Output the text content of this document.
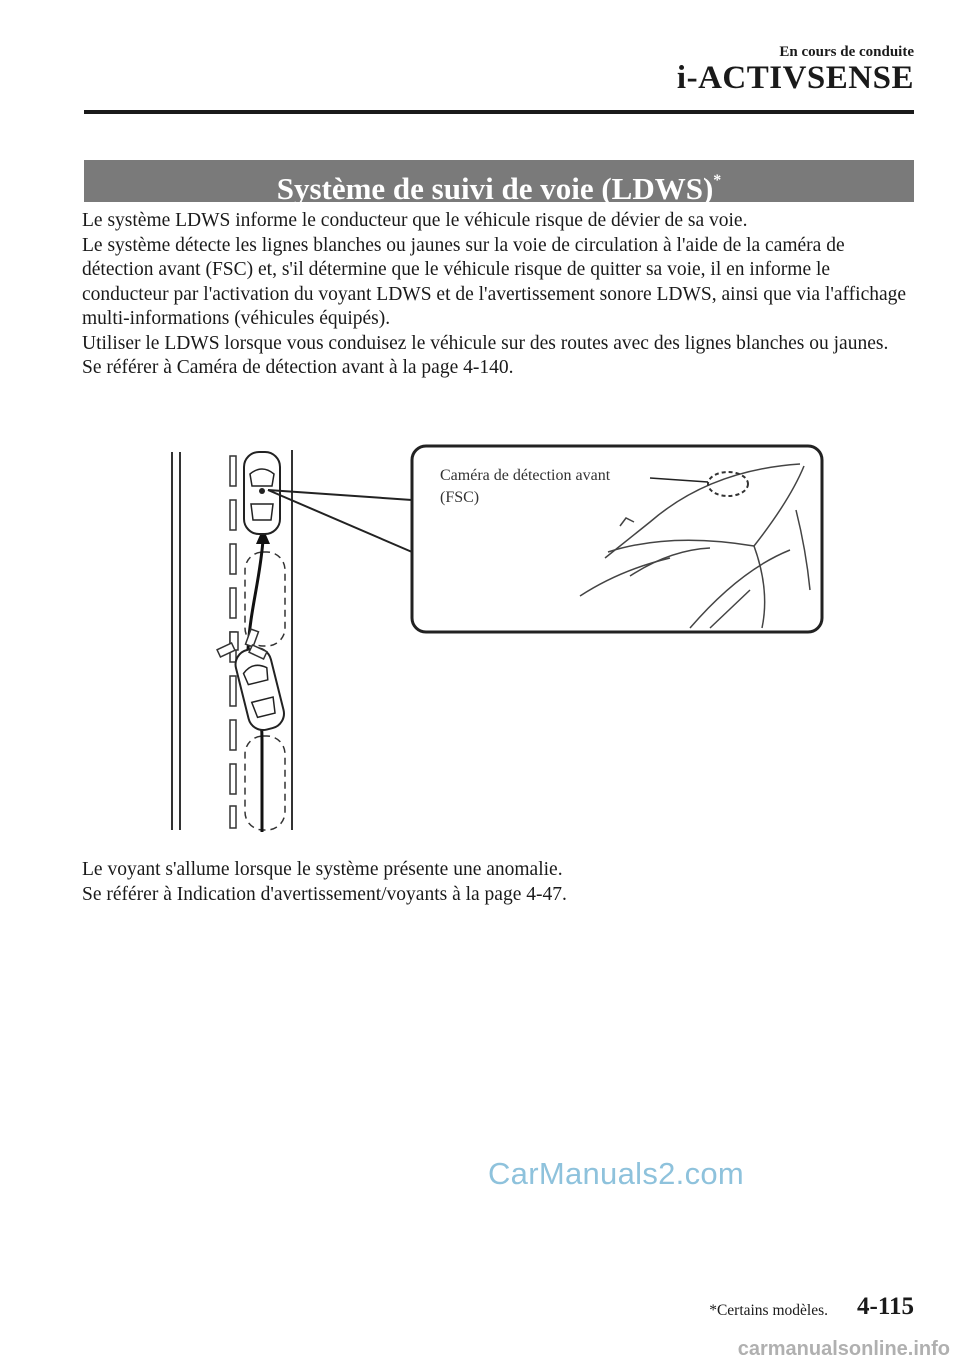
En cours de conduite
i-ACTIVSENSE
Système de suivi de voie (LDWS)*

Le système LDWS informe le conducteur que le véhicule risque de dévier de sa voie.

Le système détecte les lignes blanches ou jaunes sur la voie de circulation à l'aide de la caméra de détection avant (FSC) et, s'il détermine que le véhicule risque de quitter sa voie, il en informe le conducteur par l'activation du voyant LDWS et de l'avertissement sonore LDWS, ainsi que via l'affichage multi-informations (véhicules équipés).

Utiliser le LDWS lorsque vous conduisez le véhicule sur des routes avec des lignes blanches ou jaunes.

Se référer à Caméra de détection avant à la page 4-140.

Caméra de détection avant
(FSC)

Le voyant s'allume lorsque le système présente une anomalie.

Se référer à Indication d'avertissement/voyants à la page 4-47.

CarManuals2.com
*Certains modèles. 4-115
carmanualsonline.info
